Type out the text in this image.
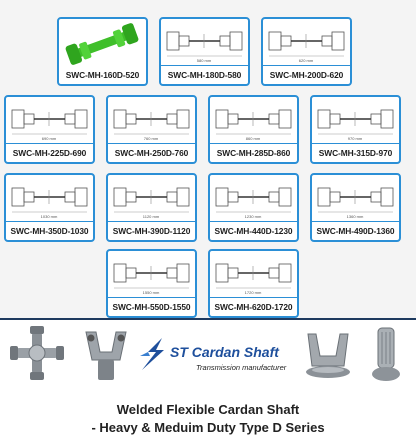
SWC-MH-160D-520
580 mm
SWC-MH-180D-580
620 mm
SWC-MH-200D-620
690 mm
SWC-MH-225D-690
760 mm
SWC-MH-250D-760
860 mm
SWC-MH-285D-860
970 mm
SWC-MH-315D-970
1030 mm
SWC-MH-350D-1030
1120 mm
SWC-MH-390D-1120
1230 mm
SWC-MH-440D-1230
1360 mm
SWC-MH-490D-1360
1550 mm
SWC-MH-550D-1550
1720 mm
SWC-MH-620D-1720
ST Cardan Shaft
Transmission manufacturer
Welded Flexible Cardan Shaft
- Heavy & Meduim Duty Type D Series
